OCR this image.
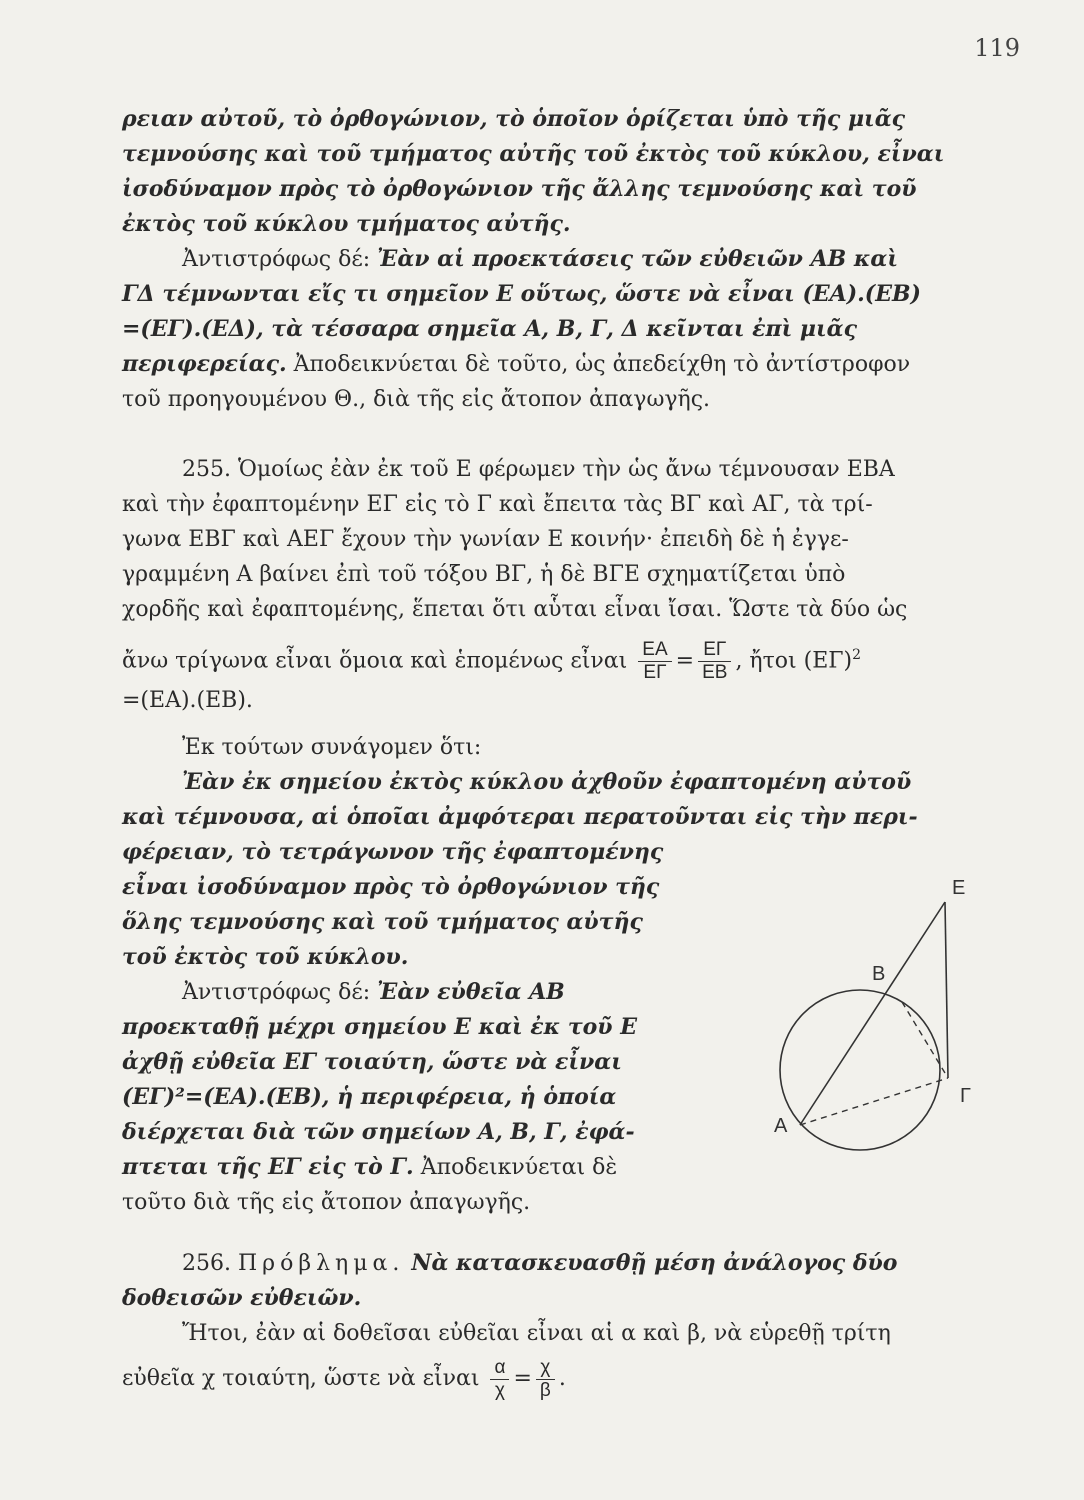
119
ρειαν αὐτοῦ, τὸ ὀρθογώνιον, τὸ ὁποῖον ὁρίζεται ὑπὸ τῆς μιᾶς
τεμνούσης καὶ τοῦ τμήματος αὐτῆς τοῦ ἐκτὸς τοῦ κύκλου, εἶναι
ἰσοδύναμον πρὸς τὸ ὀρθογώνιον τῆς ἄλλης τεμνούσης καὶ τοῦ
ἐκτὸς τοῦ κύκλου τμήματος αὐτῆς.
Ἀντιστρόφως δέ: Ἐὰν αἱ προεκτάσεις τῶν εὐθειῶν ΑΒ καὶ
ΓΔ τέμνωνται εἴς τι σημεῖον Ε οὕτως, ὥστε νὰ εἶναι (ΕΑ).(ΕΒ)
=(ΕΓ).(ΕΔ), τὰ τέσσαρα σημεῖα Α, Β, Γ, Δ κεῖνται ἐπὶ μιᾶς
περιφερείας. Ἀποδεικνύεται δὲ τοῦτο, ὡς ἀπεδείχθη τὸ ἀντίστροφον
τοῦ προηγουμένου Θ., διὰ τῆς εἰς ἄτοπον ἀπαγωγῆς.
255. Ὁμοίως ἐὰν ἐκ τοῦ Ε φέρωμεν τὴν ὡς ἄνω τέμνουσαν ΕΒΑ
καὶ τὴν ἐφαπτομένην ΕΓ εἰς τὸ Γ καὶ ἔπειτα τὰς ΒΓ καὶ ΑΓ, τὰ τρί-
γωνα ΕΒΓ καὶ ΑΕΓ ἔχουν τὴν γωνίαν Ε κοινήν· ἐπειδὴ δὲ ἡ ἐγγε-
γραμμένη Α βαίνει ἐπὶ τοῦ τόξου ΒΓ, ἡ δὲ ΒΓΕ σχηματίζεται ὑπὸ
χορδῆς καὶ ἐφαπτομένης, ἕπεται ὅτι αὗται εἶναι ἴσαι. Ὥστε τὰ δύο ὡς
ἄνω τρίγωνα εἶναι ὅμοια καὶ ἑπομένως εἶναι $\frac{EA}{E\Gamma} = \frac{E\Gamma}{EB}$ , ἤτοι $(E\Gamma)^2$
=(ΕΑ).(ΕΒ).
Ἐκ τούτων συνάγομεν ὅτι:
Ἐὰν ἐκ σημείου ἐκτὸς κύκλου ἀχθοῦν ἐφαπτομένη αὐτοῦ
καὶ τέμνουσα, αἱ ὁποῖαι ἀμφότεραι περατοῦνται εἰς τὴν περι-
φέρειαν, τὸ τετράγωνον τῆς ἐφαπτομένης
εἶναι ἰσοδύναμον πρὸς τὸ ὀρθογώνιον τῆς
ὅλης τεμνούσης καὶ τοῦ τμήματος αὐτῆς
τοῦ ἐκτὸς τοῦ κύκλου.
Ἀντιστρόφως δέ: Ἐὰν εὐθεῖα ΑΒ
προεκταθῇ μέχρι σημείου Ε καὶ ἐκ τοῦ Ε
ἀχθῇ εὐθεῖα ΕΓ τοιαύτη, ὥστε νὰ εἶναι
(ΕΓ)²=(ΕΑ).(ΕΒ), ἡ περιφέρεια, ἡ ὁποία
διέρχεται διὰ τῶν σημείων Α, Β, Γ, ἐφά-
πτεται τῆς ΕΓ εἰς τὸ Γ. Ἀποδεικνύεται δὲ
τοῦτο διὰ τῆς εἰς ἄτοπον ἀπαγωγῆς.
Ε
Β
Γ
Α
256. Πρόβλημα. Νὰ κατασκευασθῇ μέση ἀνάλογος δύο
δοθεισῶν εὐθειῶν.
Ἤτοι, ἐὰν αἱ δοθεῖσαι εὐθεῖαι εἶναι αἱ α καὶ β, νὰ εὑρεθῇ τρίτη
εὐθεῖα χ τοιαύτη, ὥστε νὰ εἶναι $\frac{\alpha}{\chi} = \frac{\chi}{\beta}$ .
